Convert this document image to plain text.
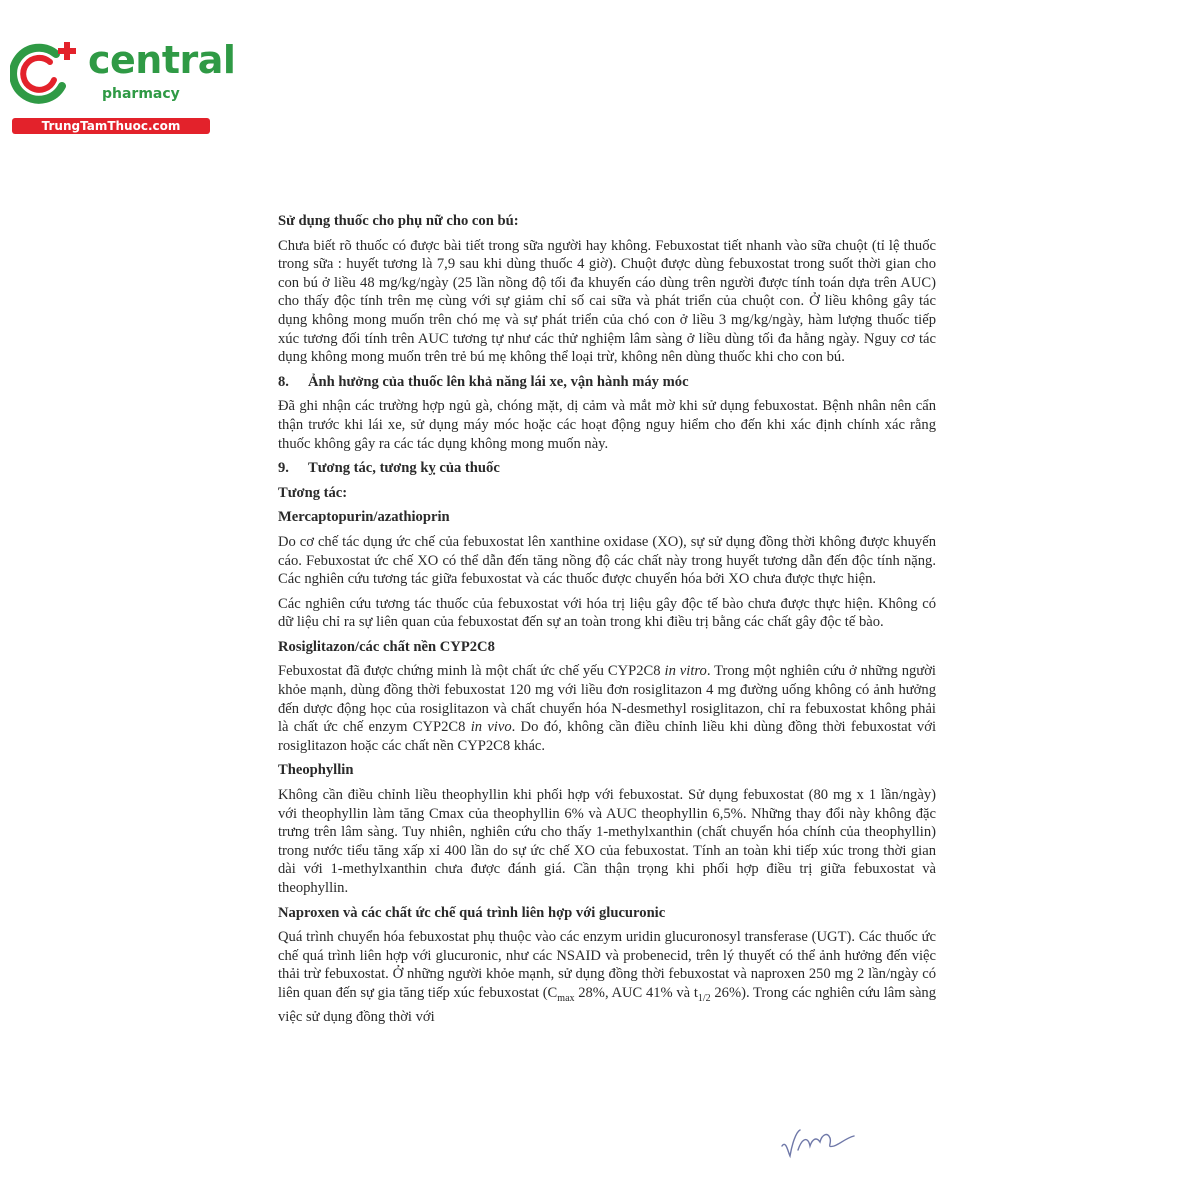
central
pharmacy
TrungTamThuoc.com

Sử dụng thuốc cho phụ nữ cho con bú:

Chưa biết rõ thuốc có được bài tiết trong sữa người hay không. Febuxostat tiết nhanh vào sữa chuột (tỉ lệ thuốc trong sữa : huyết tương là 7,9 sau khi dùng thuốc 4 giờ). Chuột được dùng febuxostat trong suốt thời gian cho con bú ở liều 48 mg/kg/ngày (25 lần nồng độ tối đa khuyến cáo dùng trên người được tính toán dựa trên AUC) cho thấy độc tính trên mẹ cùng với sự giảm chỉ số cai sữa và phát triển của chuột con. Ở liều không gây tác dụng không mong muốn trên chó mẹ và sự phát triển của chó con ở liều 3 mg/kg/ngày, hàm lượng thuốc tiếp xúc tương đối tính trên AUC tương tự như các thử nghiệm lâm sàng ở liều dùng tối đa hằng ngày. Nguy cơ tác dụng không mong muốn trên trẻ bú mẹ không thể loại trừ, không nên dùng thuốc khi cho con bú.

8. Ảnh hưởng của thuốc lên khả năng lái xe, vận hành máy móc

Đã ghi nhận các trường hợp ngủ gà, chóng mặt, dị cảm và mắt mờ khi sử dụng febuxostat. Bệnh nhân nên cẩn thận trước khi lái xe, sử dụng máy móc hoặc các hoạt động nguy hiểm cho đến khi xác định chính xác rằng thuốc không gây ra các tác dụng không mong muốn này.

9. Tương tác, tương kỵ của thuốc

Tương tác:

Mercaptopurin/azathioprin

Do cơ chế tác dụng ức chế của febuxostat lên xanthine oxidase (XO), sự sử dụng đồng thời không được khuyến cáo. Febuxostat ức chế XO có thể dẫn đến tăng nồng độ các chất này trong huyết tương dẫn đến độc tính nặng. Các nghiên cứu tương tác giữa febuxostat và các thuốc được chuyển hóa bởi XO chưa được thực hiện.

Các nghiên cứu tương tác thuốc của febuxostat với hóa trị liệu gây độc tế bào chưa được thực hiện. Không có dữ liệu chỉ ra sự liên quan của febuxostat đến sự an toàn trong khi điều trị bằng các chất gây độc tế bào.

Rosiglitazon/các chất nền CYP2C8

Febuxostat đã được chứng minh là một chất ức chế yếu CYP2C8 in vitro. Trong một nghiên cứu ở những người khỏe mạnh, dùng đồng thời febuxostat 120 mg với liều đơn rosiglitazon 4 mg đường uống không có ảnh hưởng đến dược động học của rosiglitazon và chất chuyển hóa N-desmethyl rosiglitazon, chỉ ra febuxostat không phải là chất ức chế enzym CYP2C8 in vivo. Do đó, không cần điều chỉnh liều khi dùng đồng thời febuxostat với rosiglitazon hoặc các chất nền CYP2C8 khác.

Theophyllin

Không cần điều chỉnh liều theophyllin khi phối hợp với febuxostat. Sử dụng febuxostat (80 mg x 1 lần/ngày) với theophyllin làm tăng Cmax của theophyllin 6% và AUC theophyllin 6,5%. Những thay đổi này không đặc trưng trên lâm sàng. Tuy nhiên, nghiên cứu cho thấy 1-methylxanthin (chất chuyển hóa chính của theophyllin) trong nước tiểu tăng xấp xỉ 400 lần do sự ức chế XO của febuxostat. Tính an toàn khi tiếp xúc trong thời gian dài với 1-methylxanthin chưa được đánh giá. Cần thận trọng khi phối hợp điều trị giữa febuxostat và theophyllin.

Naproxen và các chất ức chế quá trình liên hợp với glucuronic

Quá trình chuyển hóa febuxostat phụ thuộc vào các enzym uridin glucuronosyl transferase (UGT). Các thuốc ức chế quá trình liên hợp với glucuronic, như các NSAID và probenecid, trên lý thuyết có thể ảnh hưởng đến việc thải trừ febuxostat. Ở những người khỏe mạnh, sử dụng đồng thời febuxostat và naproxen 250 mg 2 lần/ngày có liên quan đến sự gia tăng tiếp xúc febuxostat ($C_{max}$ 28%, AUC 41% và $t_{1/2}$ 26%). Trong các nghiên cứu lâm sàng việc sử dụng đồng thời với
